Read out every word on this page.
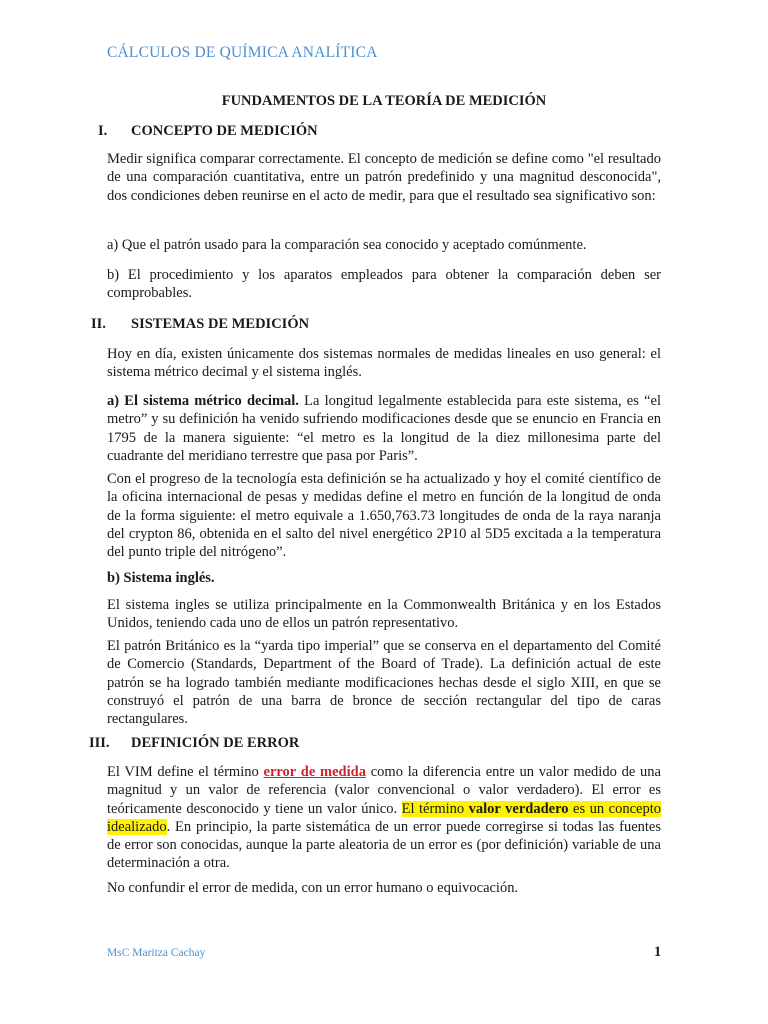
CÁLCULOS DE QUÍMICA ANALÍTICA
FUNDAMENTOS DE LA TEORÍA DE MEDICIÓN
I. CONCEPTO DE MEDICIÓN

Medir significa comparar correctamente. El concepto de medición se define como "el resultado de una comparación cuantitativa, entre un patrón predefinido y una magnitud desconocida", dos condiciones deben reunirse en el acto de medir, para que el resultado sea significativo son:

a) Que el patrón usado para la comparación sea conocido y aceptado comúnmente.

b) El procedimiento y los aparatos empleados para obtener la comparación deben ser comprobables.

II. SISTEMAS DE MEDICIÓN

Hoy en día, existen únicamente dos sistemas normales de medidas lineales en uso general: el sistema métrico decimal y el sistema inglés.

a) El sistema métrico decimal. La longitud legalmente establecida para este sistema, es “el metro” y su definición ha venido sufriendo modificaciones desde que se enuncio en Francia en 1795 de la manera siguiente: “el metro es la longitud de la diez millonesima parte del cuadrante del meridiano terrestre que pasa por Paris”.

Con el progreso de la tecnología esta definición se ha actualizado y hoy el comité científico de la oficina internacional de pesas y medidas define el metro en función de la longitud de onda de la forma siguiente: el metro equivale a 1.650,763.73 longitudes de onda de la raya naranja del crypton 86, obtenida en el salto del nivel energético 2P10 al 5D5 excitada a la temperatura del punto triple del nitrógeno”.

b) Sistema inglés.

El sistema ingles se utiliza principalmente en la Commonwealth Británica y en los Estados Unidos, teniendo cada uno de ellos un patrón representativo.

El patrón Británico es la “yarda tipo imperial” que se conserva en el departamento del Comité de Comercio (Standards, Department of the Board of Trade). La definición actual de este patrón se ha logrado también mediante modificaciones hechas desde el siglo XIII, en que se construyó el patrón de una barra de bronce de sección rectangular del tipo de caras rectangulares.

III. DEFINICIÓN DE ERROR

El VIM define el término error de medida como la diferencia entre un valor medido de una magnitud y un valor de referencia (valor convencional o valor verdadero). El error es teóricamente desconocido y tiene un valor único. El término valor verdadero es un concepto idealizado. En principio, la parte sistemática de un error puede corregirse si todas las fuentes de error son conocidas, aunque la parte aleatoria de un error es (por definición) variable de una determinación a otra.

No confundir el error de medida, con un error humano o equivocación.

MsC Maritza Cachay	1
